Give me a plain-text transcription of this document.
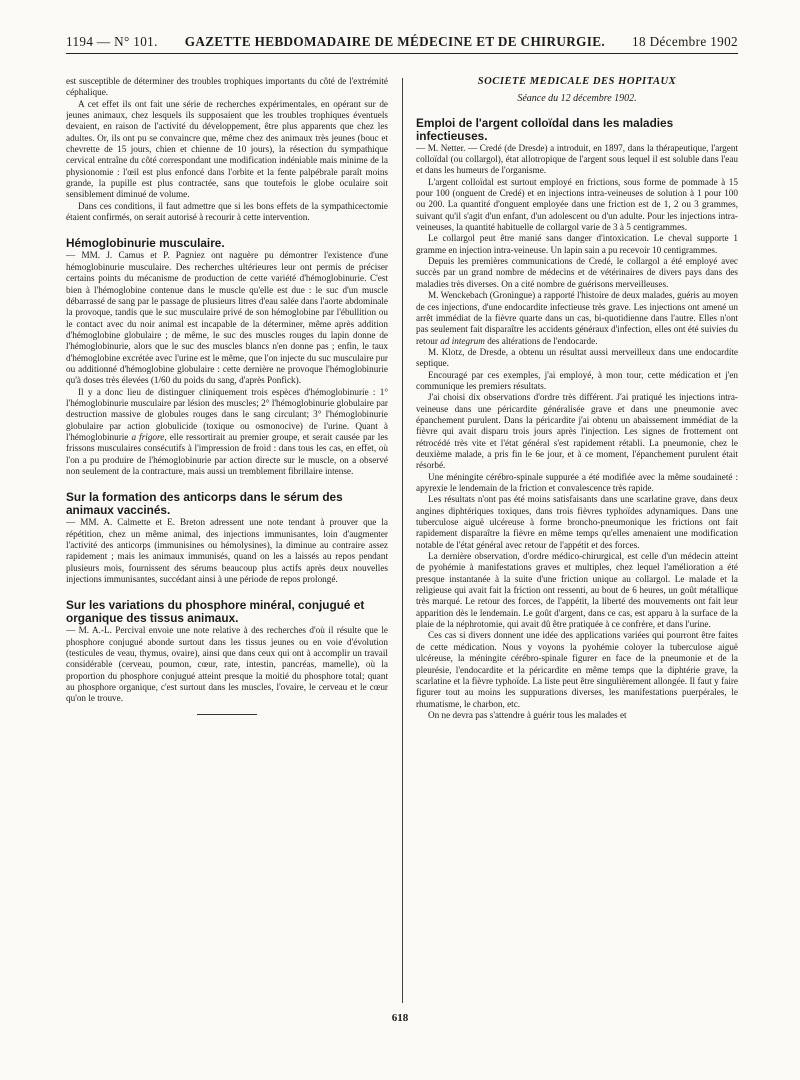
1194 — N° 101. GAZETTE HEBDOMADAIRE DE MÉDECINE ET DE CHIRURGIE. 18 Décembre 1902

est susceptible de déterminer des troubles trophiques importants du côté de l'extrémité céphalique.

A cet effet ils ont fait une série de recherches expérimentales, en opérant sur de jeunes animaux, chez lesquels ils supposaient que les troubles trophiques éventuels devaient, en raison de l'activité du développement, être plus apparents que chez les adultes. Or, ils ont pu se convaincre que, même chez des animaux très jeunes (bouc et chevrette de 15 jours, chien et chienne de 10 jours), la résection du sympathique cervical entraîne du côté correspondant une modification indéniable mais minime de la physionomie : l'œil est plus enfoncé dans l'orbite et la fente palpébrale paraît moins grande, la pupille est plus contractée, sans que toutefois le globe oculaire soit sensiblement diminué de volume.

Dans ces conditions, il faut admettre que si les bons effets de la sympathicectomie étaient confirmés, on serait autorisé à recourir à cette intervention.

Hémoglobinurie musculaire.
— MM. J. Camus et P. Pagniez ont naguère pu démontrer l'existence d'une hémoglobinurie musculaire. Des recherches ultérieures leur ont permis de préciser certains points du mécanisme de production de cette variété d'hémoglobinurie. C'est bien à l'hémoglobine contenue dans le muscle qu'elle est due : le suc d'un muscle débarrassé de sang par le passage de plusieurs litres d'eau salée dans l'aorte abdominale la provoque, tandis que le suc musculaire privé de son hémoglobine par l'ébullition ou le contact avec du noir animal est incapable de la déterminer, même après addition d'hémoglobine globulaire ; de même, le suc des muscles rouges du lapin donne de l'hémoglobinurie, alors que le suc des muscles blancs n'en donne pas ; enfin, le taux d'hémoglobine excrétée avec l'urine est le même, que l'on injecte du suc musculaire pur ou additionné d'hémoglobine globulaire : cette dernière ne provoque l'hémoglobinurie qu'à doses très élevées (1/60 du poids du sang, d'après Ponfick).

Il y a donc lieu de distinguer cliniquement trois espèces d'hémoglobinurie : 1° l'hémoglobinurie musculaire par lésion des muscles; 2° l'hémoglobinurie globulaire par destruction massive de globules rouges dans le sang circulant; 3° l'hémoglobinurie globulaire par action globulicide (toxique ou osmonocive) de l'urine. Quant à l'hémoglobinurie a frigore, elle ressortirait au premier groupe, et serait causée par les frissons musculaires consécutifs à l'impression de froid : dans tous les cas, en effet, où l'on a pu produire de l'hémoglobinurie par action directe sur le muscle, on a observé non seulement de la contracture, mais aussi un tremblement fibrillaire intense.

Sur la formation des anticorps dans le sérum des animaux vaccinés.
— MM. A. Calmette et E. Breton adressent une note tendant à prouver que la répétition, chez un même animal, des injections immunisantes, loin d'augmenter l'activité des anticorps (immunisines ou hémolysines), la diminue au contraire assez rapidement ; mais les animaux immunisés, quand on les a laissés au repos pendant plusieurs mois, fournissent des sérums beaucoup plus actifs après deux nouvelles injections immunisantes, succédant ainsi à une période de repos prolongé.

Sur les variations du phosphore minéral, conjugué et organique des tissus animaux.
— M. A.-L. Percival envoie une note relative à des recherches d'où il résulte que le phosphore conjugué abonde surtout dans les tissus jeunes ou en voie d'évolution (testicules de veau, thymus, ovaire), ainsi que dans ceux qui ont à accomplir un travail considérable (cerveau, poumon, cœur, rate, intestin, pancréas, mamelle), où la proportion du phosphore conjugué atteint presque la moitié du phosphore total; quant au phosphore organique, c'est surtout dans les muscles, l'ovaire, le cerveau et le cœur qu'on le trouve.

SOCIÉTÉ MÉDICALE DES HOPITAUX
Séance du 12 décembre 1902.

Emploi de l'argent colloïdal dans les maladies infectieuses.
— M. Netter. — Credé (de Dresde) a introduit, en 1897, dans la thérapeutique, l'argent colloïdal (ou collargol), état allotropique de l'argent sous lequel il est soluble dans l'eau et dans les humeurs de l'organisme.

L'argent colloïdal est surtout employé en frictions, sous forme de pommade à 15 pour 100 (onguent de Credé) et en injections intra-veineuses de solution à 1 pour 100 ou 200. La quantité d'onguent employée dans une friction est de 1, 2 ou 3 grammes, suivant qu'il s'agit d'un enfant, d'un adolescent ou d'un adulte. Pour les injections intra-veineuses, la quantité habituelle de collargol varie de 3 à 5 centigrammes.

Le collargol peut être manié sans danger d'intoxication. Le cheval supporte 1 gramme en injection intra-veineuse. Un lapin sain a pu recevoir 10 centigrammes.

Depuis les premières communications de Credé, le collargol a été employé avec succès par un grand nombre de médecins et de vétérinaires de divers pays dans des maladies très diverses. On a cité nombre de guérisons merveilleuses.

M. Wenckebach (Groningue) a rapporté l'histoire de deux malades, guéris au moyen de ces injections, d'une endocardite infectieuse très grave. Les injections ont amené un arrêt immédiat de la fièvre quarte dans un cas, bi-quotidienne dans l'autre. Elles n'ont pas seulement fait disparaître les accidents généraux d'infection, elles ont été suivies du retour ad integrum des altérations de l'endocarde.

M. Klotz, de Dresde, a obtenu un résultat aussi merveilleux dans une endocardite septique.

Encouragé par ces exemples, j'ai employé, à mon tour, cette médication et j'en communique les premiers résultats.

J'ai choisi dix observations d'ordre très différent. J'ai pratiqué les injections intra-veineuse dans une péricardite généralisée grave et dans une pneumonie avec épanchement purulent. Dans la péricardite j'ai obtenu un abaissement immédiat de la fièvre qui avait disparu trois jours après l'injection. Les signes de frottement ont rétrocédé très vite et l'état général s'est rapidement rétabli. La pneumonie, chez le deuxième malade, a pris fin le 6e jour, et à ce moment, l'épanchement purulent était résorbé.

Une méningite cérébro-spinale suppurée a été modifiée avec la même soudaineté : apyrexie le lendemain de la friction et convalescence très rapide.

Les résultats n'ont pas été moins satisfaisants dans une scarlatine grave, dans deux angines diphtériques toxiques, dans trois fièvres typhoïdes adynamiques. Dans une tuberculose aiguë ulcéreuse à forme broncho-pneumonique les frictions ont fait rapidement disparaître la fièvre en même temps qu'elles amenaient une modification notable de l'état général avec retour de l'appétit et des forces.

La dernière observation, d'ordre médico-chirurgical, est celle d'un médecin atteint de pyohémie à manifestations graves et multiples, chez lequel l'amélioration a été presque instantanée à la suite d'une friction unique au collargol. Le malade et la religieuse qui avait fait la friction ont ressenti, au bout de 6 heures, un goût métallique très marqué. Le retour des forces, de l'appétit, la liberté des mouvements ont fait leur apparition dès le lendemain. Le goût d'argent, dans ce cas, est apparu à la surface de la plaie de la néphrotomie, qui avait dû être pratiquée à ce confrère, et dans l'urine.

Ces cas si divers donnent une idée des applications variées qui pourront être faites de cette médication. Nous y voyons la pyohémie coloyer la tuberculose aiguë ulcéreuse, la méningite cérébro-spinale figurer en face de la pneumonie et de la pleurésie, l'endocardite et la péricardite en même temps que la diphtérie grave, la scarlatine et la fièvre typhoïde. La liste peut être singulièrement allongée. Il faut y faire figurer tout au moins les suppurations diverses, les manifestations puerpérales, le rhumatisme, le charbon, etc.

On ne devra pas s'attendre à guérir tous les malades et

618
